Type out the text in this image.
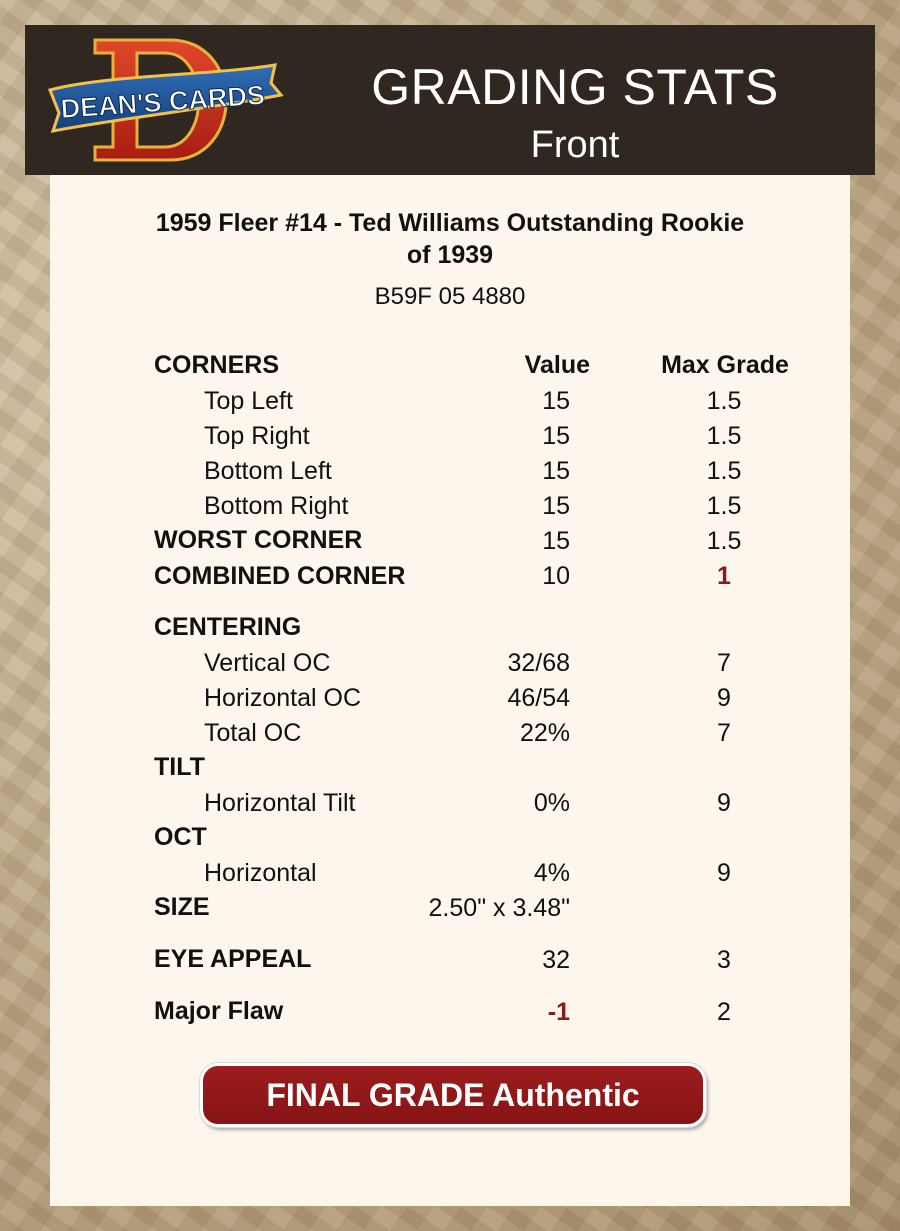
DEAN'S CARDS	GRADING STATS
Front
1959 Fleer #14 - Ted Williams Outstanding Rookie
of 1939
B59F 05 4880
CORNERS	Value	Max Grade
Top Left	15	1.5
Top Right	15	1.5
Bottom Left	15	1.5
Bottom Right	15	1.5
WORST CORNER	15	1.5
COMBINED CORNER	10	1
CENTERING
Vertical OC	32/68	7
Horizontal OC	46/54	9
Total OC	22%	7
TILT
Horizontal Tilt	0%	9
OCT
Horizontal	4%	9
SIZE	2.50" x 3.48"
EYE APPEAL	32	3
Major Flaw	-1	2
FINAL GRADE Authentic
